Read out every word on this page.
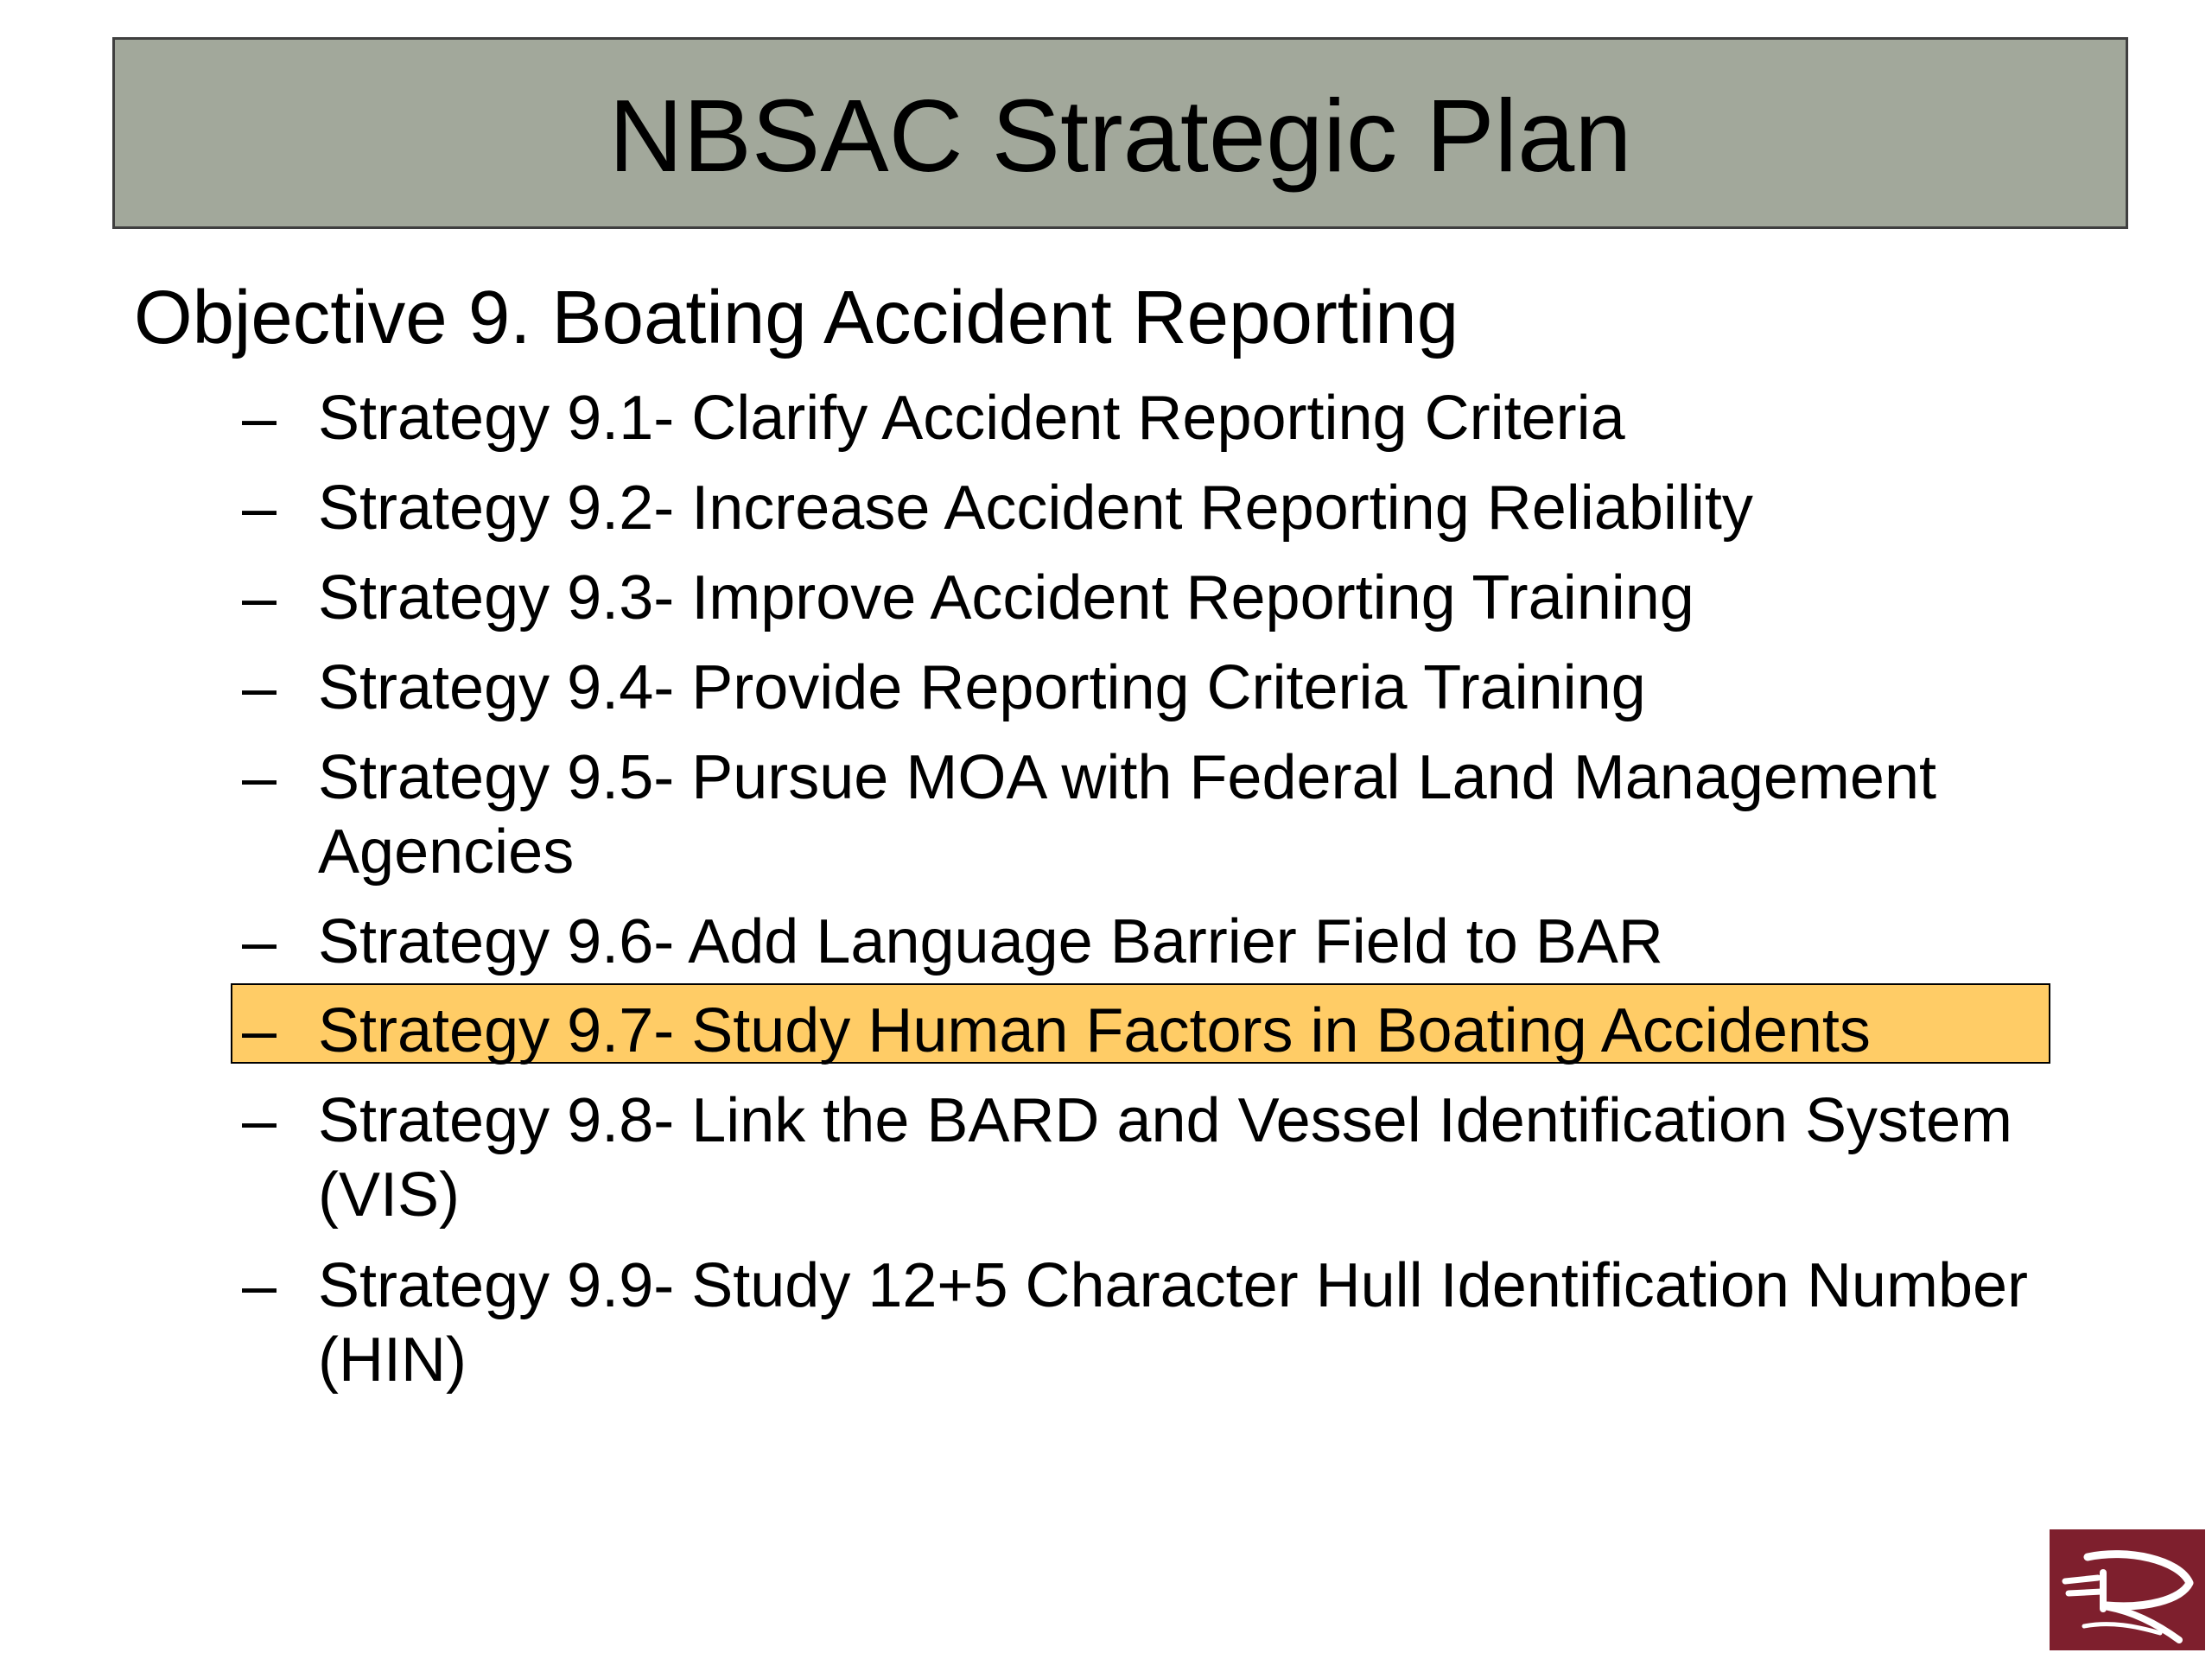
NBSAC Strategic Plan
Objective 9. Boating Accident Reporting
– Strategy 9.1- Clarify Accident Reporting Criteria
– Strategy 9.2- Increase Accident Reporting Reliability
– Strategy 9.3- Improve Accident Reporting Training
– Strategy 9.4- Provide Reporting Criteria Training
– Strategy 9.5- Pursue MOA with Federal Land Management Agencies
– Strategy 9.6- Add Language Barrier Field to BAR
– Strategy 9.7- Study Human Factors in Boating Accidents
– Strategy 9.8- Link the BARD and Vessel Identification System (VIS)
– Strategy 9.9- Study 12+5 Character Hull Identification Number (HIN)
